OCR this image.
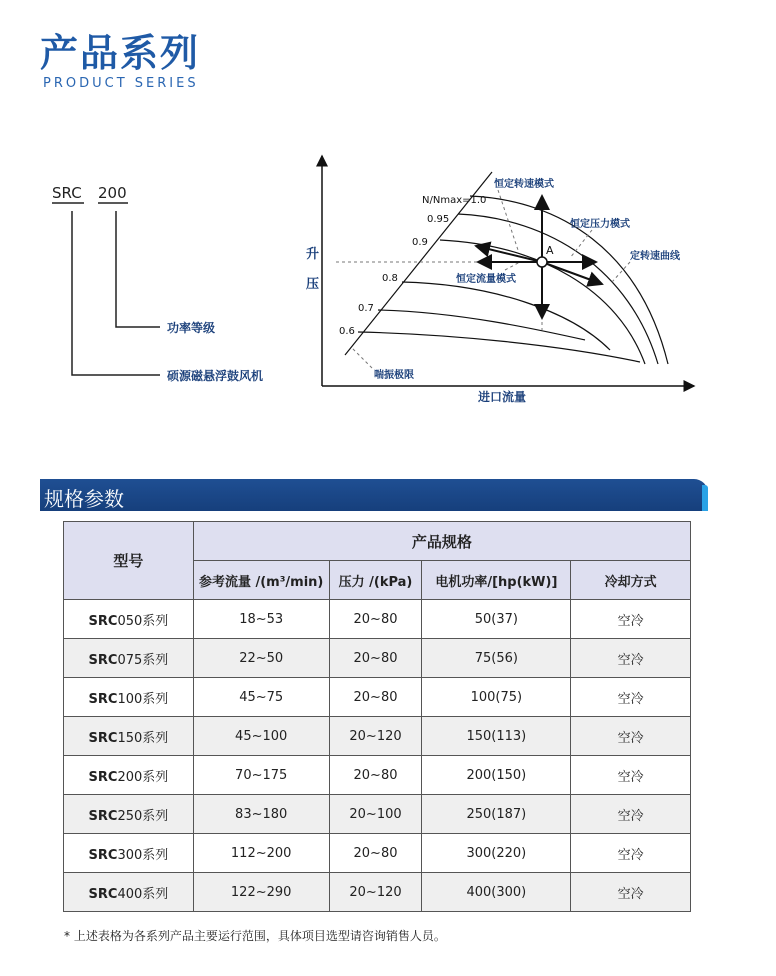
产品系列
PRODUCT SERIES
SRC 200
功率等级
硕源磁悬浮鼓风机
升
压
进口流量
N/Nmax=1.0
0.95
0.9
0.8
0.7
0.6
A
恒定转速模式
恒定压力模式
定转速曲线
恒定流量模式
喘振极限
规格参数
型号	产品规格			
	参考流量 /(m³/min)	压力 /(kPa)	电机功率/[hp(kW)]	冷却方式
SRC050系列	18~53	20~80	50(37)	空冷
SRC075系列	22~50	20~80	75(56)	空冷
SRC100系列	45~75	20~80	100(75)	空冷
SRC150系列	45~100	20~120	150(113)	空冷
SRC200系列	70~175	20~80	200(150)	空冷
SRC250系列	83~180	20~100	250(187)	空冷
SRC300系列	112~200	20~80	300(220)	空冷
SRC400系列	122~290	20~120	400(300)	空冷
* 上述表格为各系列产品主要运行范围，具体项目选型请咨询销售人员。
